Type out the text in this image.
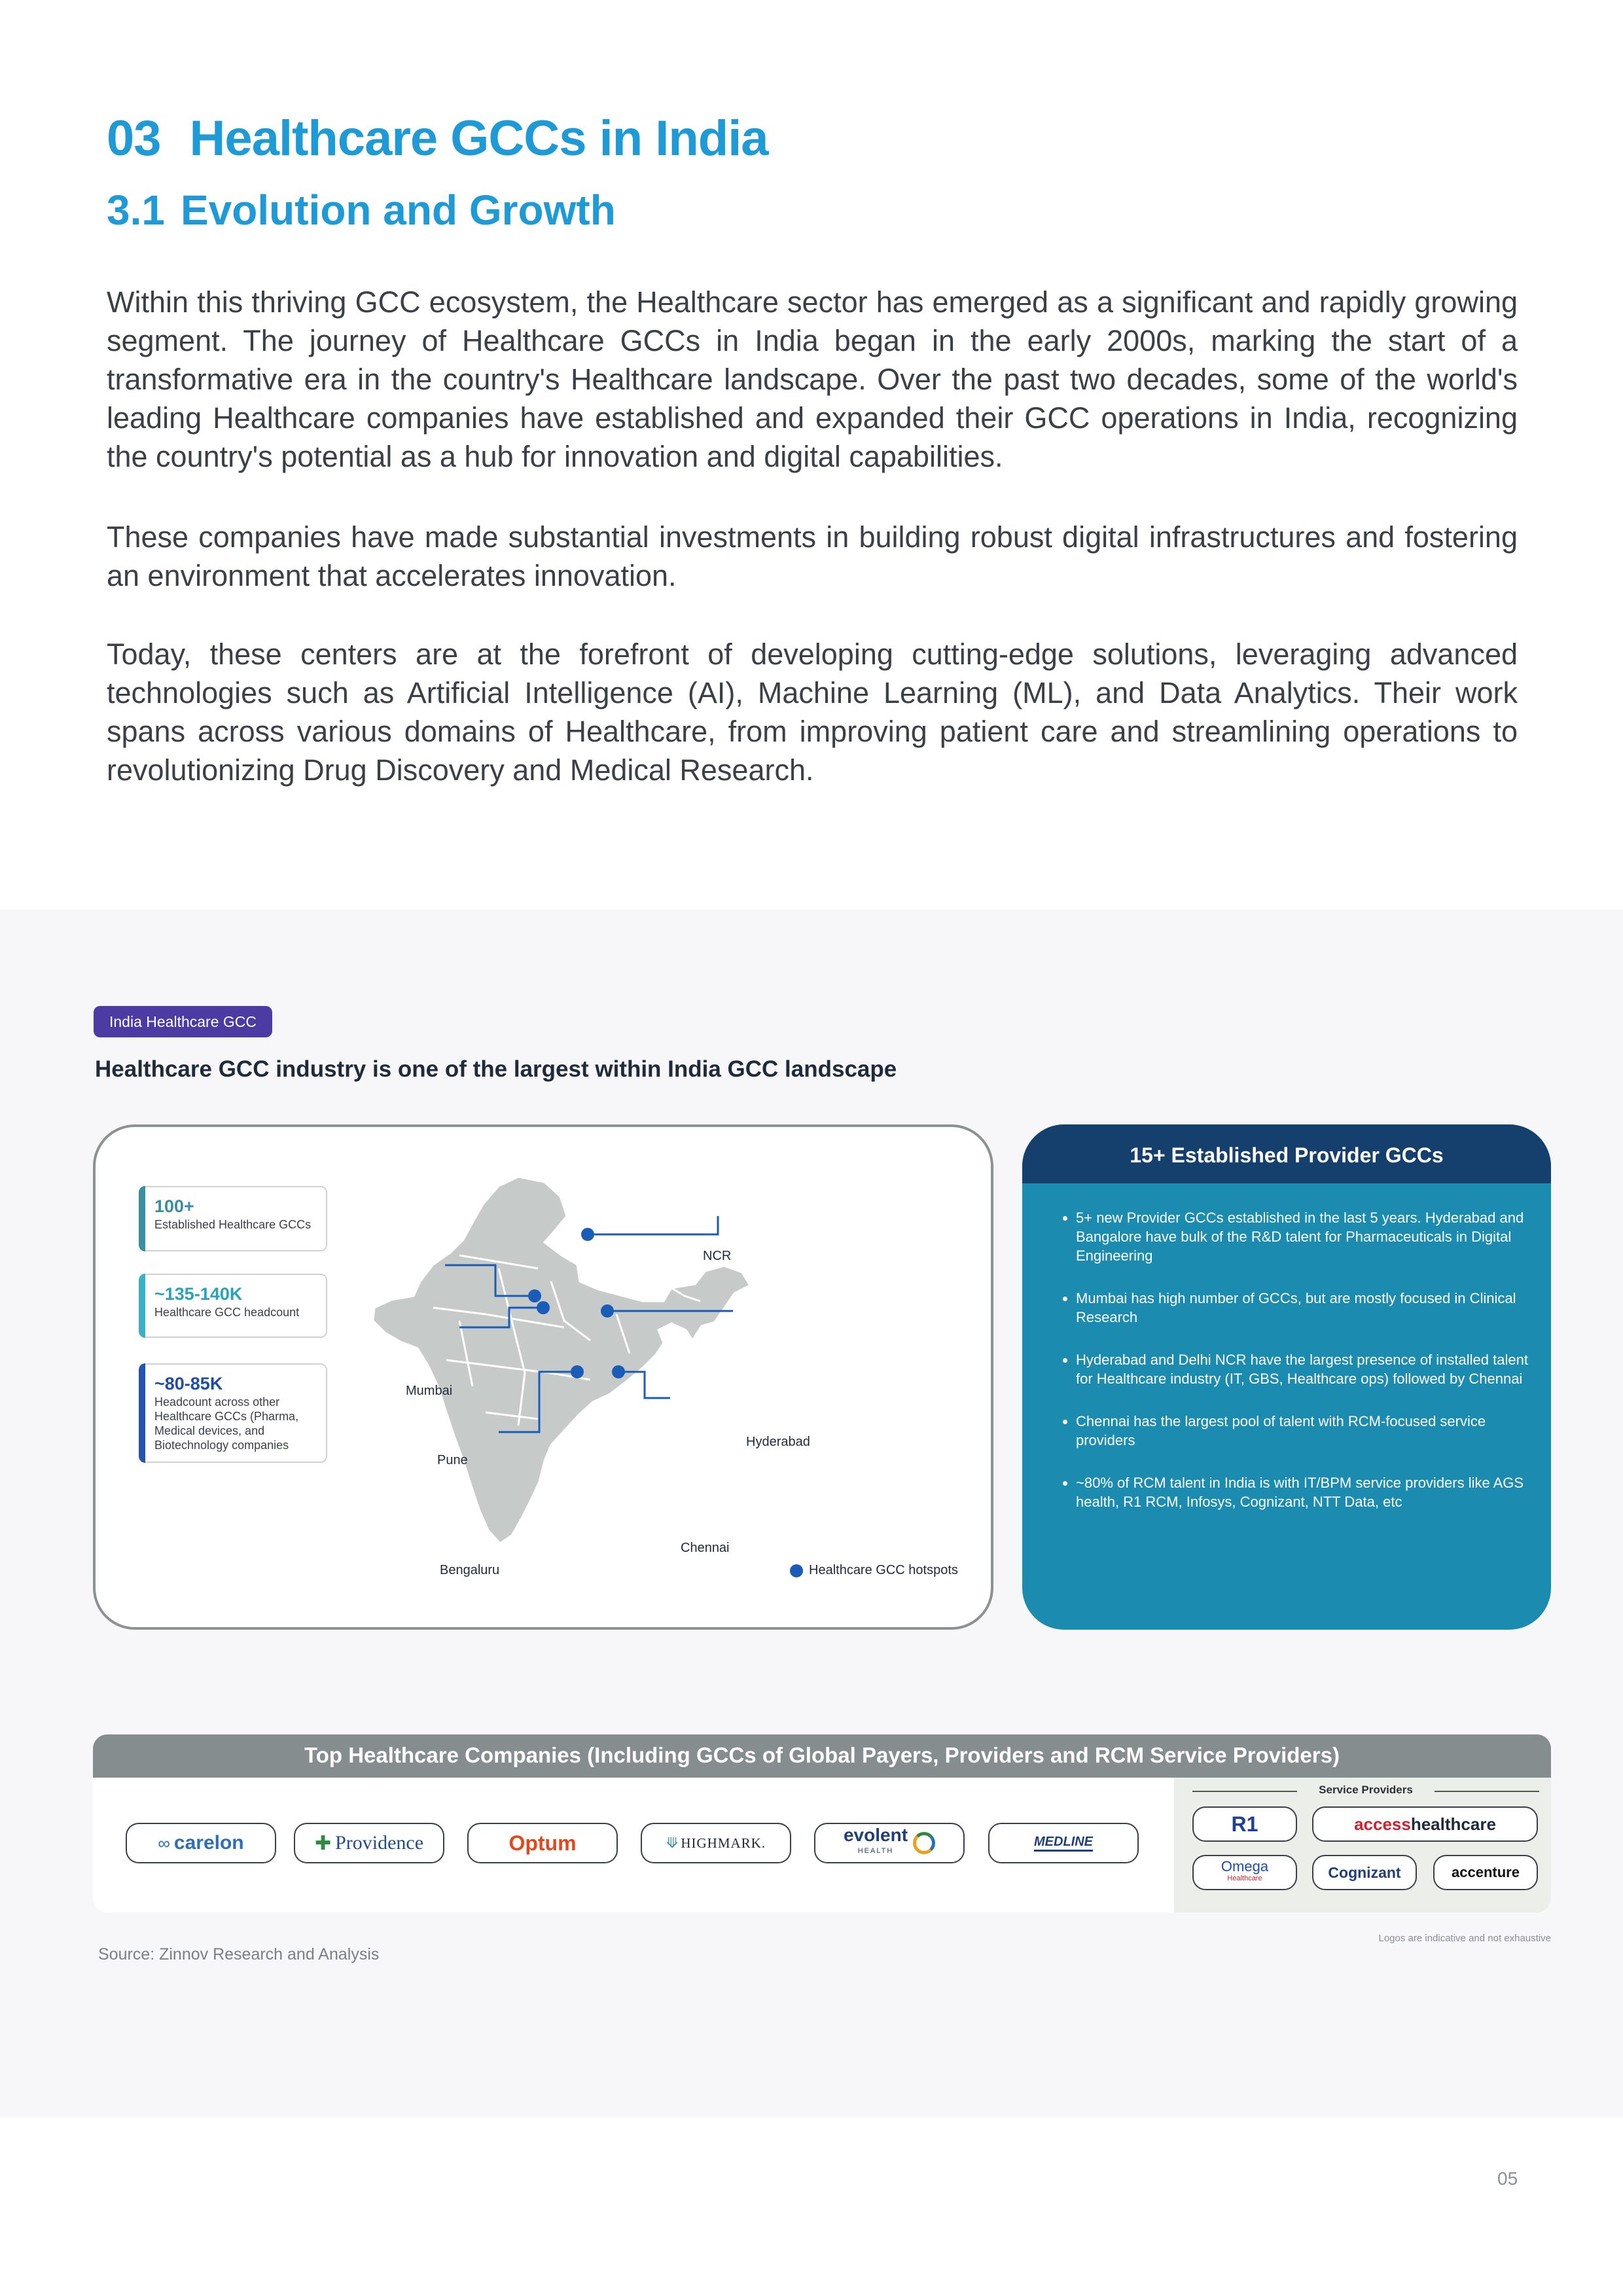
03 Healthcare GCCs in India
3.1 Evolution and Growth

Within this thriving GCC ecosystem, the Healthcare sector has emerged as a significant and rapidly growing segment. The journey of Healthcare GCCs in India began in the early 2000s, marking the start of a transformative era in the country's Healthcare landscape. Over the past two decades, some of the world's leading Healthcare companies have established and expanded their GCC operations in India, recognizing the country's potential as a hub for innovation and digital capabilities.

These companies have made substantial investments in building robust digital infrastructures and fostering an environment that accelerates innovation.

Today, these centers are at the forefront of developing cutting-edge solutions, leveraging advanced technologies such as Artificial Intelligence (AI), Machine Learning (ML), and Data Analytics. Their work spans across various domains of Healthcare, from improving patient care and streamlining operations to revolutionizing Drug Discovery and Medical Research.

India Healthcare GCC
Healthcare GCC industry is one of the largest within India GCC landscape
NCR
Mumbai
Pune
Hyderabad
Chennai
Bengaluru	Healthcare GCC hotspots
100+
Established Healthcare GCCs
~135-140K
Healthcare GCC headcount
~80-85K
Headcount across other Healthcare GCCs (Pharma, Medical devices, and Biotechnology companies
15+ Established Provider GCCs
• 5+ new Provider GCCs established in the last 5 years. Hyderabad and Bangalore have bulk of the R&D talent for Pharmaceuticals in Digital Engineering
• Mumbai has high number of GCCs, but are mostly focused in Clinical Research
• Hyderabad and Delhi NCR have the largest presence of installed talent for Healthcare industry (IT, GBS, Healthcare ops) followed by Chennai
• Chennai has the largest pool of talent with RCM-focused service providers
• ~80% of RCM talent in India is with IT/BPM service providers like AGS health, R1 RCM, Infosys, Cognizant, NTT Data, etc
Top Healthcare Companies (Including GCCs of Global Payers, Providers and RCM Service Providers)
∞ carelon	✚ Providence	Optum	⟱ HIGHMARK.	evolent
HEALTH
MEDLINE
Service Providers
R1	access healthcare
Omega
Healthcare	Cognizant	accenture
Logos are indicative and not exhaustive
Source: Zinnov Research and Analysis
05
